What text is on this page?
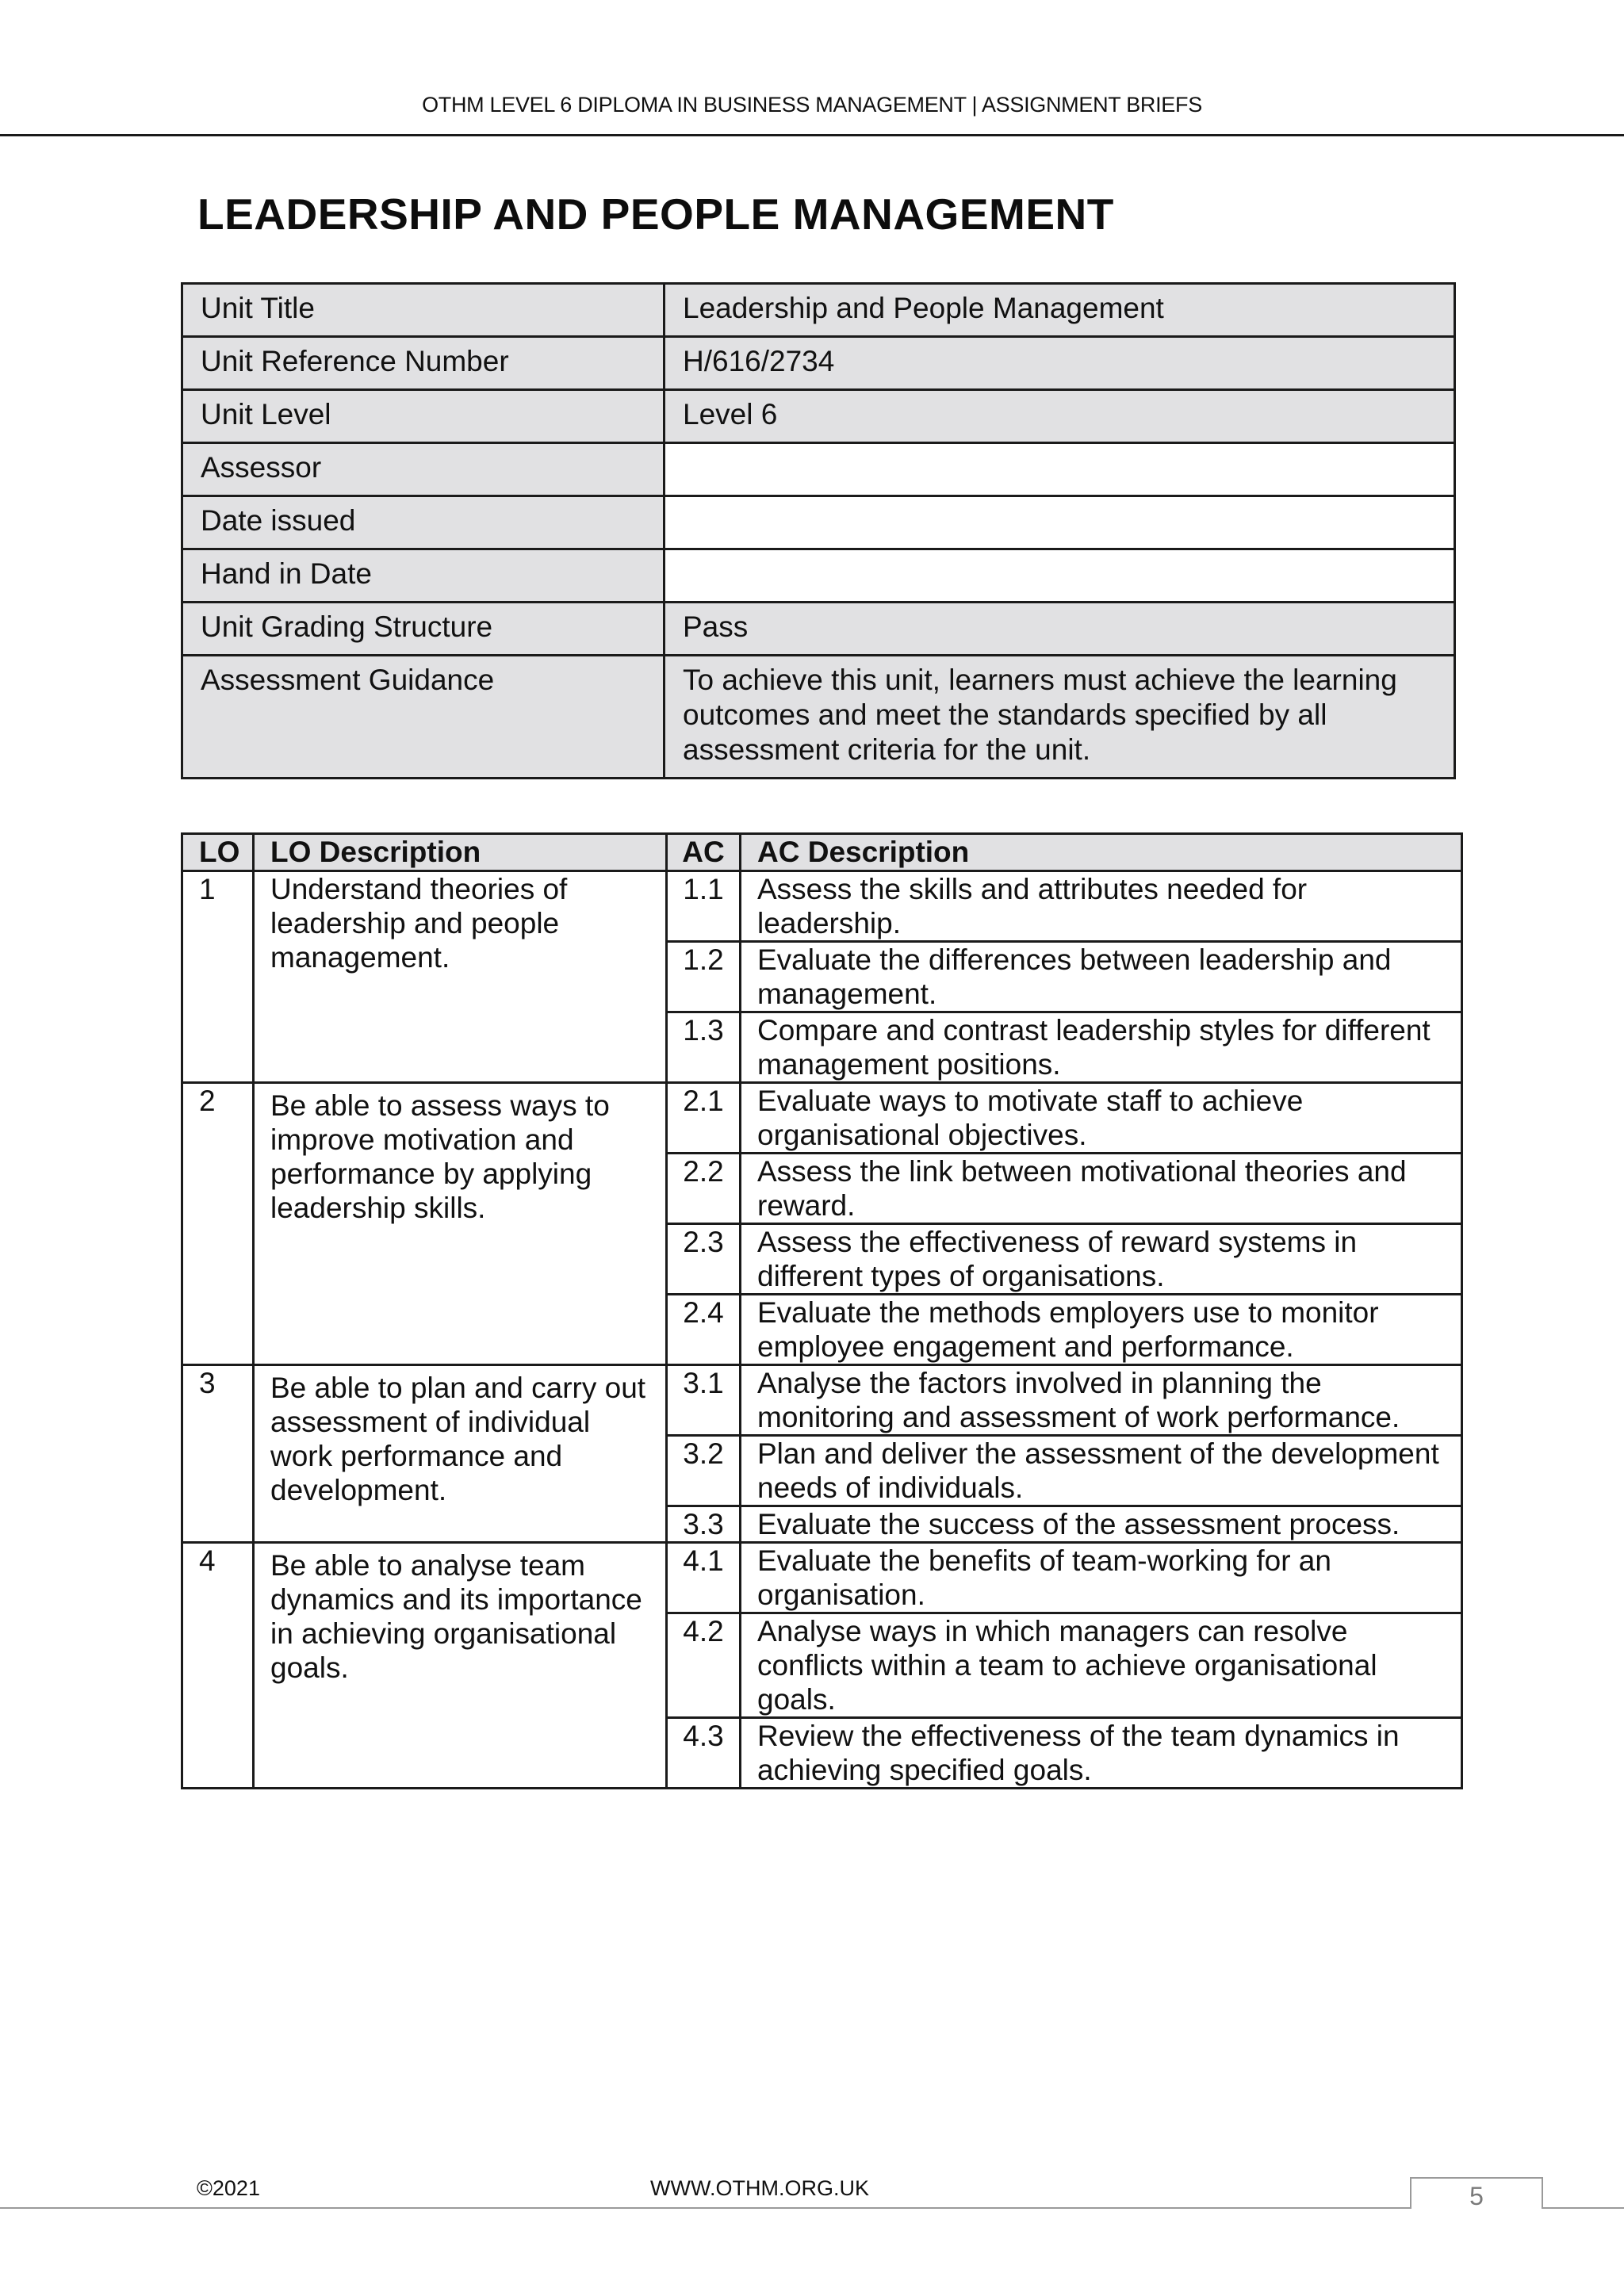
OTHM LEVEL 6 DIPLOMA IN BUSINESS MANAGEMENT | ASSIGNMENT BRIEFS
LEADERSHIP AND PEOPLE MANAGEMENT
Unit Title	Leadership and People Management
Unit Reference Number	H/616/2734
Unit Level	Level 6
Assessor	
Date issued	
Hand in Date	
Unit Grading Structure	Pass
Assessment Guidance	To achieve this unit, learners must achieve the learning outcomes and meet the standards specified by all assessment criteria for the unit.
LO	LO Description	AC	AC Description
1	Understand theories of leadership and people management.	1.1	Assess the skills and attributes needed for leadership.
		1.2	Evaluate the differences between leadership and management.
		1.3	Compare and contrast leadership styles for different management positions.
2	Be able to assess ways to improve motivation and performance by applying leadership skills.	2.1	Evaluate ways to motivate staff to achieve organisational objectives.
		2.2	Assess the link between motivational theories and reward.
		2.3	Assess the effectiveness of reward systems in different types of organisations.
		2.4	Evaluate the methods employers use to monitor employee engagement and performance.
3	Be able to plan and carry out assessment of individual work performance and development.	3.1	Analyse the factors involved in planning the monitoring and assessment of work performance.
		3.2	Plan and deliver the assessment of the development needs of individuals.
		3.3	Evaluate the success of the assessment process.
4	Be able to analyse team dynamics and its importance in achieving organisational goals.	4.1	Evaluate the benefits of team-working for an organisation.
		4.2	Analyse ways in which managers can resolve conflicts within a team to achieve organisational goals.
		4.3	Review the effectiveness of the team dynamics in achieving specified goals.
5
©2021	WWW.OTHM.ORG.UK
